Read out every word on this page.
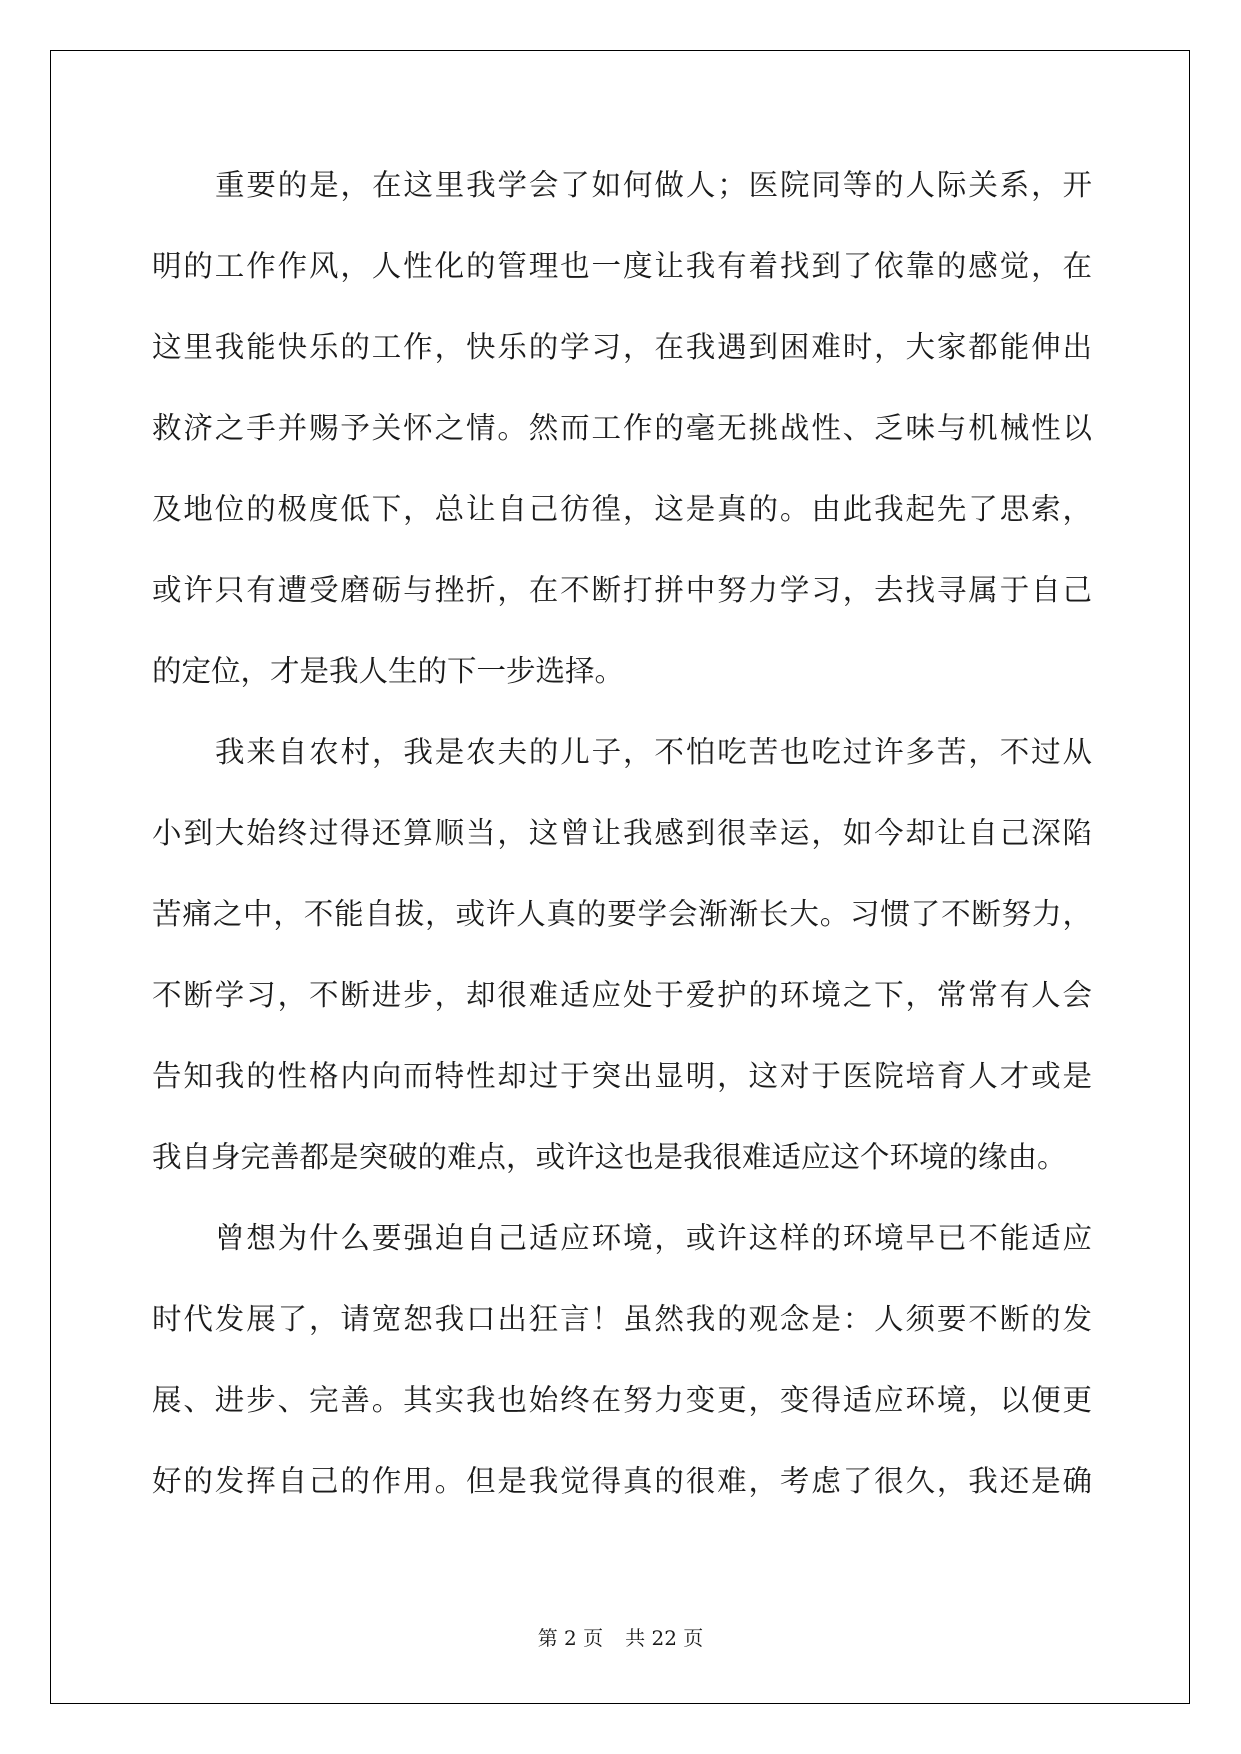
重要的是，在这里我学会了如何做人；医院同等的人际关系，开
明的工作作风，人性化的管理也一度让我有着找到了依靠的感觉，在
这里我能快乐的工作，快乐的学习，在我遇到困难时，大家都能伸出
救济之手并赐予关怀之情。然而工作的毫无挑战性、乏味与机械性以
及地位的极度低下，总让自己彷徨，这是真的。由此我起先了思索，
或许只有遭受磨砺与挫折，在不断打拼中努力学习，去找寻属于自己
的定位，才是我人生的下一步选择。
我来自农村，我是农夫的儿子，不怕吃苦也吃过许多苦，不过从
小到大始终过得还算顺当，这曾让我感到很幸运，如今却让自己深陷
苦痛之中，不能自拔，或许人真的要学会渐渐长大。习惯了不断努力，
不断学习，不断进步，却很难适应处于爱护的环境之下，常常有人会
告知我的性格内向而特性却过于突出显明，这对于医院培育人才或是
我自身完善都是突破的难点，或许这也是我很难适应这个环境的缘由。
曾想为什么要强迫自己适应环境，或许这样的环境早已不能适应
时代发展了，请宽恕我口出狂言！虽然我的观念是：人须要不断的发
展、进步、完善。其实我也始终在努力变更，变得适应环境，以便更
好的发挥自己的作用。但是我觉得真的很难，考虑了很久，我还是确
第 2 页 共 22 页
